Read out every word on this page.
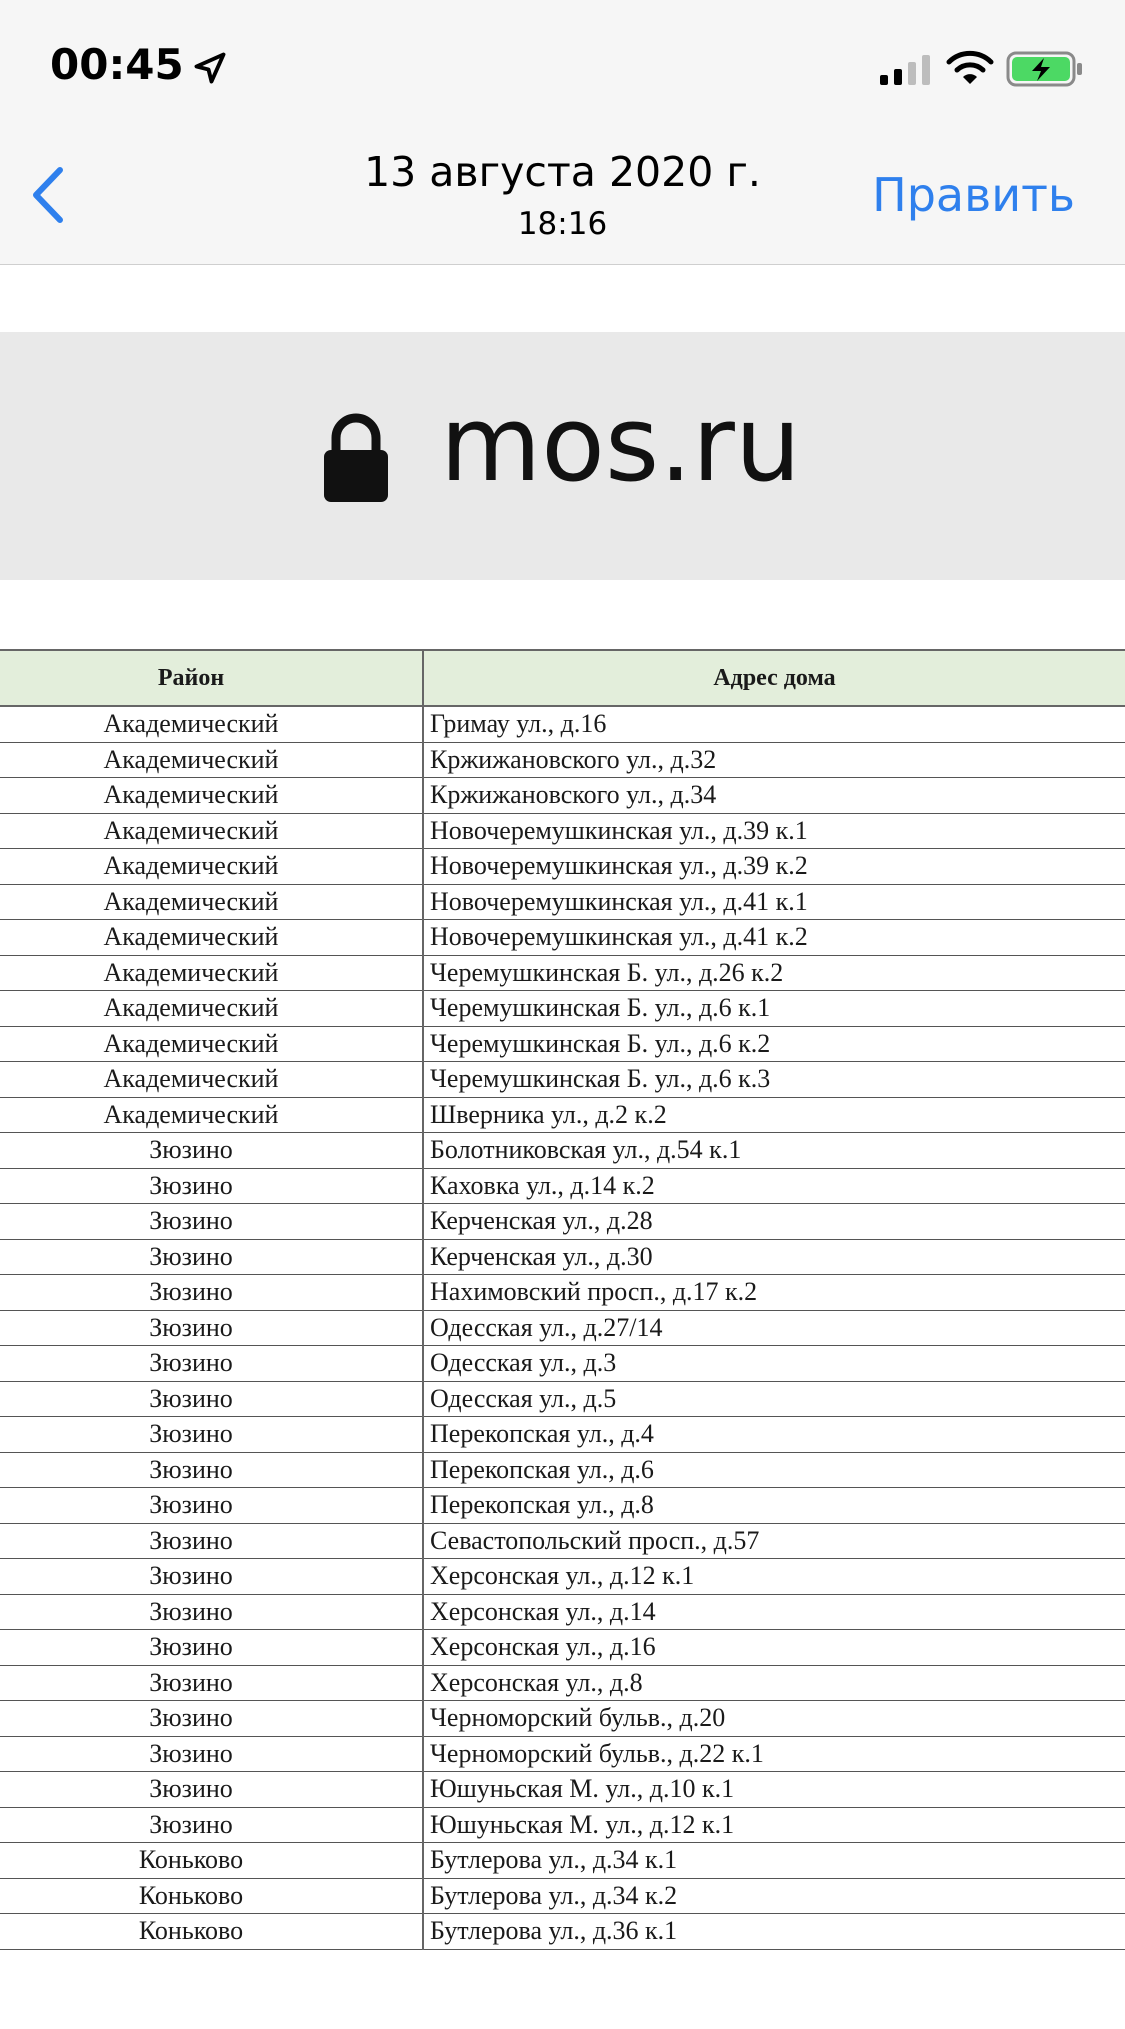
00:45
13 августа 2020 г.
18:16
Править
mos.ru
Район	Адрес дома
Академический	Гримау ул., д.16
Академический	Кржижановского ул., д.32
Академический	Кржижановского ул., д.34
Академический	Новочеремушкинская ул., д.39 к.1
Академический	Новочеремушкинская ул., д.39 к.2
Академический	Новочеремушкинская ул., д.41 к.1
Академический	Новочеремушкинская ул., д.41 к.2
Академический	Черемушкинская Б. ул., д.26 к.2
Академический	Черемушкинская Б. ул., д.6 к.1
Академический	Черемушкинская Б. ул., д.6 к.2
Академический	Черемушкинская Б. ул., д.6 к.3
Академический	Шверника ул., д.2 к.2
Зюзино	Болотниковская ул., д.54 к.1
Зюзино	Каховка ул., д.14 к.2
Зюзино	Керченская ул., д.28
Зюзино	Керченская ул., д.30
Зюзино	Нахимовский просп., д.17 к.2
Зюзино	Одесская ул., д.27/14
Зюзино	Одесская ул., д.3
Зюзино	Одесская ул., д.5
Зюзино	Перекопская ул., д.4
Зюзино	Перекопская ул., д.6
Зюзино	Перекопская ул., д.8
Зюзино	Севастопольский просп., д.57
Зюзино	Херсонская ул., д.12 к.1
Зюзино	Херсонская ул., д.14
Зюзино	Херсонская ул., д.16
Зюзино	Херсонская ул., д.8
Зюзино	Черноморский бульв., д.20
Зюзино	Черноморский бульв., д.22 к.1
Зюзино	Юшуньская М. ул., д.10 к.1
Зюзино	Юшуньская М. ул., д.12 к.1
Коньково	Бутлерова ул., д.34 к.1
Коньково	Бутлерова ул., д.34 к.2
Коньково	Бутлерова ул., д.36 к.1
